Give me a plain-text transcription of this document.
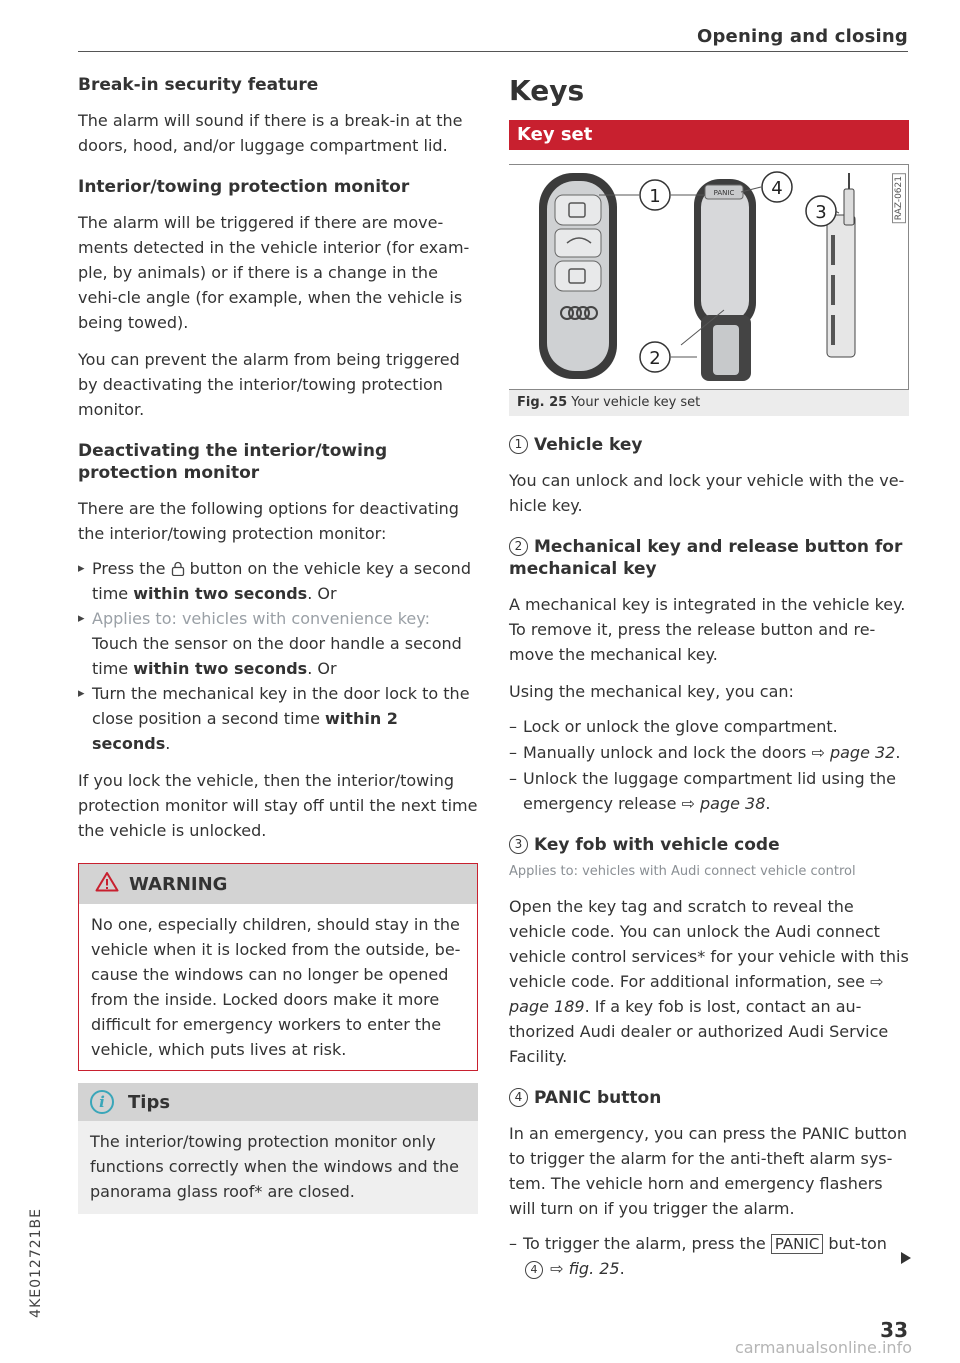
Opening and closing
Break-in security feature

The alarm will sound if there is a break-in at the doors, hood, and/or luggage compartment lid.

Interior/towing protection monitor

The alarm will be triggered if there are move-ments detected in the vehicle interior (for exam-ple, by animals) or if there is a change in the vehi-cle angle (for example, when the vehicle is being towed).

You can prevent the alarm from being triggered by deactivating the interior/towing protection monitor.

Deactivating the interior/towing protection monitor

There are the following options for deactivating the interior/towing protection monitor:

▸ Press the  button on the vehicle key a second time within two seconds. Or
▸ Applies to: vehicles with convenience key:
Touch the sensor on the door handle a second time within two seconds. Or
▸ Turn the mechanical key in the door lock to the close position a second time within 2 seconds.

If you lock the vehicle, then the interior/towing protection monitor will stay off until the next time the vehicle is unlocked.

WARNING

No one, especially children, should stay in the vehicle when it is locked from the outside, be-cause the windows can no longer be opened from the inside. Locked doors make it more difficult for emergency workers to enter the vehicle, which puts lives at risk.

i	Tips

The interior/towing protection monitor only functions correctly when the windows and the panorama glass roof* are closed.

Keys
Key set
PANIC
1
2
3
4	RAZ-0621
Fig. 25 Your vehicle key set
1 Vehicle key

You can unlock and lock your vehicle with the ve-hicle key.

2 Mechanical key and release button for mechanical key

A mechanical key is integrated in the vehicle key. To remove it, press the release button and re-move the mechanical key.

Using the mechanical key, you can:

– Lock or unlock the glove compartment.
– Manually unlock and lock the doors ⇨ page 32.
– Unlock the luggage compartment lid using the emergency release ⇨ page 38.
3 Key fob with vehicle code
Applies to: vehicles with Audi connect vehicle control

Open the key tag and scratch to reveal the vehicle code. You can unlock the Audi connect vehicle control services* for your vehicle with this vehicle code. For additional information, see ⇨ page 189. If a key fob is lost, contact an au-thorized Audi dealer or authorized Audi Service Facility.

4 PANIC button

In an emergency, you can press the PANIC button to trigger the alarm for the anti-theft alarm sys-tem. The vehicle horn and emergency flashers will turn on if you trigger the alarm.

– To trigger the alarm, press the PANIC but-ton 4 ⇨ fig. 25.
4KE012721BE
33
carmanualsonline.info
